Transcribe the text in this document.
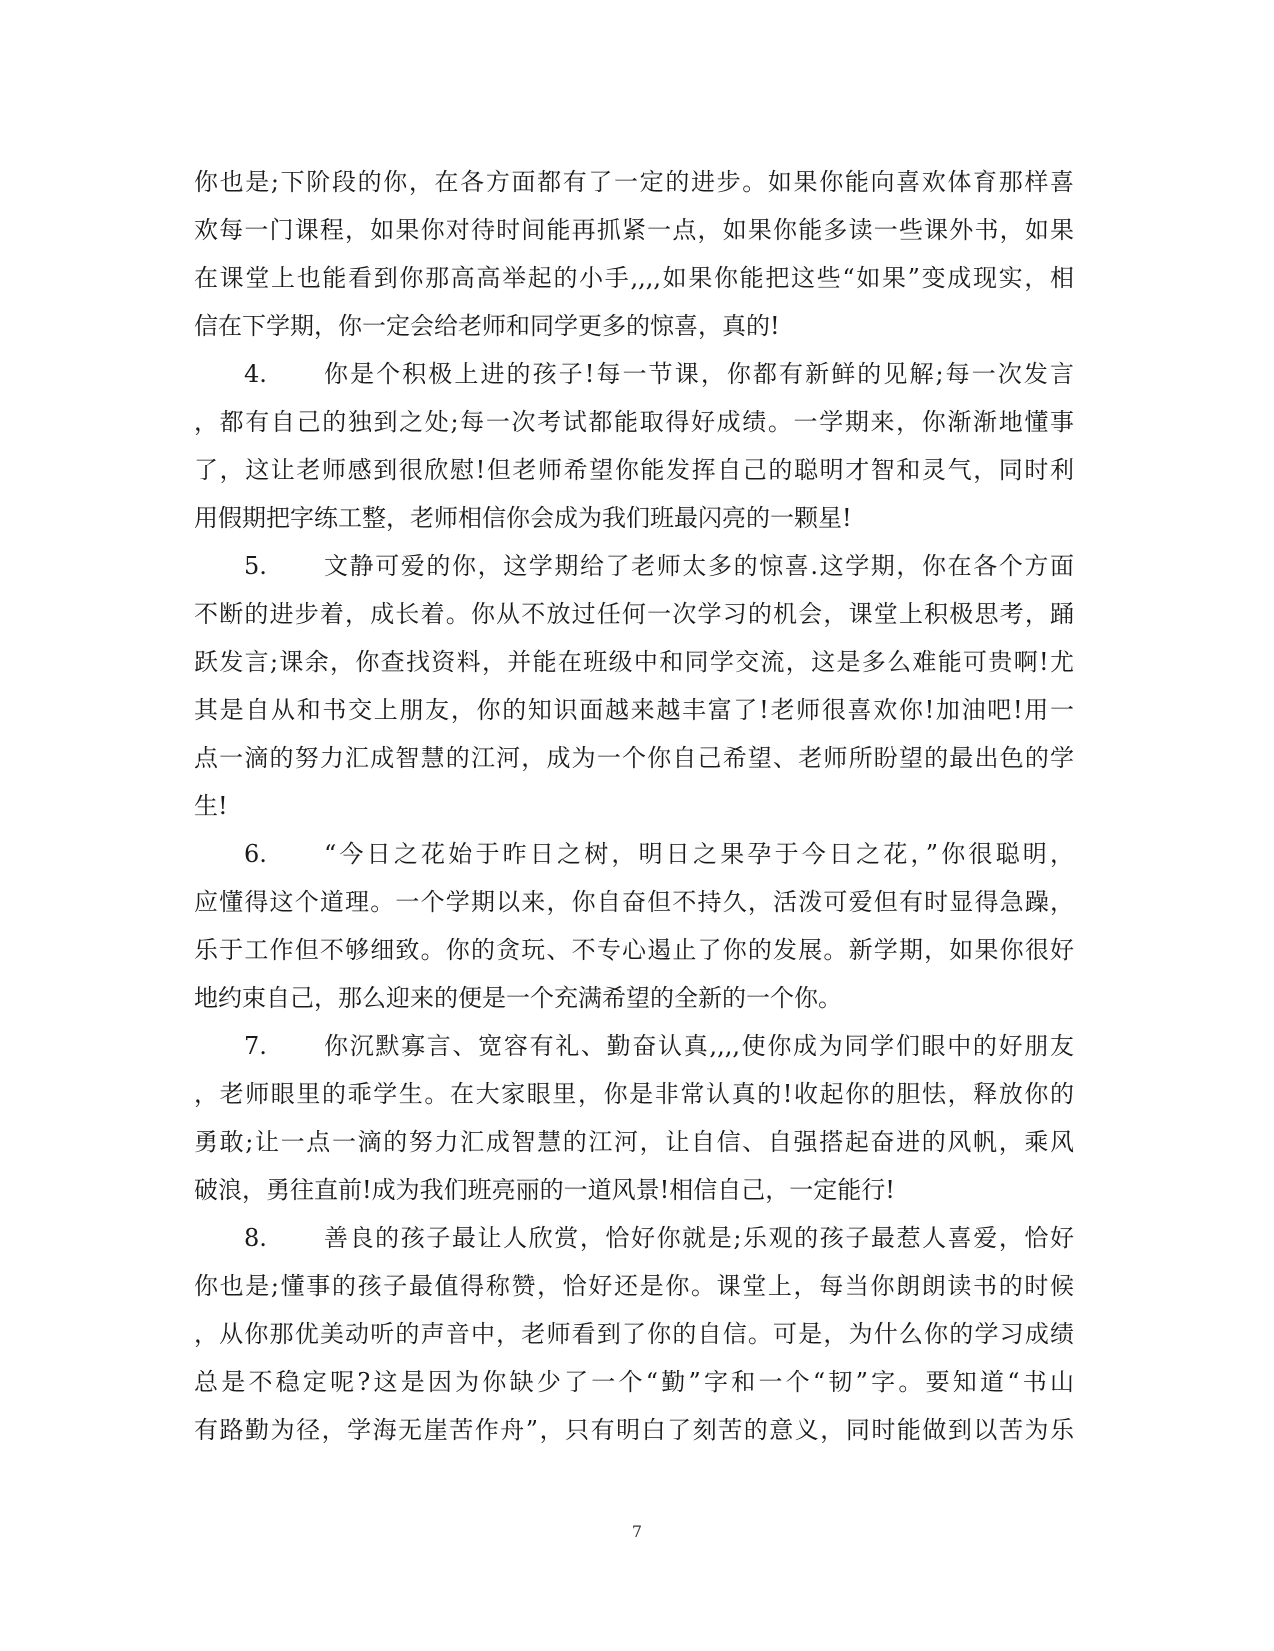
你也是;下阶段的你，在各方面都有了一定的进步。如果你能向喜欢体育那样喜
欢每一门课程，如果你对待时间能再抓紧一点，如果你能多读一些课外书，如果
在课堂上也能看到你那高高举起的小手,,,,如果你能把这些“如果”变成现实，相
信在下学期，你一定会给老师和同学更多的惊喜，真的!
4. 你是个积极上进的孩子!每一节课，你都有新鲜的见解;每一次发言
，都有自己的独到之处;每一次考试都能取得好成绩。一学期来，你渐渐地懂事
了，这让老师感到很欣慰!但老师希望你能发挥自己的聪明才智和灵气，同时利
用假期把字练工整，老师相信你会成为我们班最闪亮的一颗星!
5. 文静可爱的你，这学期给了老师太多的惊喜.这学期，你在各个方面
不断的进步着，成长着。你从不放过任何一次学习的机会，课堂上积极思考，踊
跃发言;课余，你查找资料，并能在班级中和同学交流，这是多么难能可贵啊!尤
其是自从和书交上朋友，你的知识面越来越丰富了!老师很喜欢你!加油吧!用一
点一滴的努力汇成智慧的江河，成为一个你自己希望、老师所盼望的最出色的学
生!
6. “今日之花始于昨日之树，明日之果孕于今日之花，”你很聪明，
应懂得这个道理。一个学期以来，你自奋但不持久，活泼可爱但有时显得急躁，
乐于工作但不够细致。你的贪玩、不专心遏止了你的发展。新学期，如果你很好
地约束自己，那么迎来的便是一个充满希望的全新的一个你。
7. 你沉默寡言、宽容有礼、勤奋认真,,,,使你成为同学们眼中的好朋友
，老师眼里的乖学生。在大家眼里，你是非常认真的!收起你的胆怯，释放你的
勇敢;让一点一滴的努力汇成智慧的江河，让自信、自强搭起奋进的风帆，乘风
破浪，勇往直前!成为我们班亮丽的一道风景!相信自己，一定能行!
8. 善良的孩子最让人欣赏，恰好你就是;乐观的孩子最惹人喜爱，恰好
你也是;懂事的孩子最值得称赞，恰好还是你。课堂上，每当你朗朗读书的时候
，从你那优美动听的声音中，老师看到了你的自信。可是，为什么你的学习成绩
总是不稳定呢?这是因为你缺少了一个“勤”字和一个“韧”字。要知道“书山
有路勤为径，学海无崖苦作舟”，只有明白了刻苦的意义，同时能做到以苦为乐
7
